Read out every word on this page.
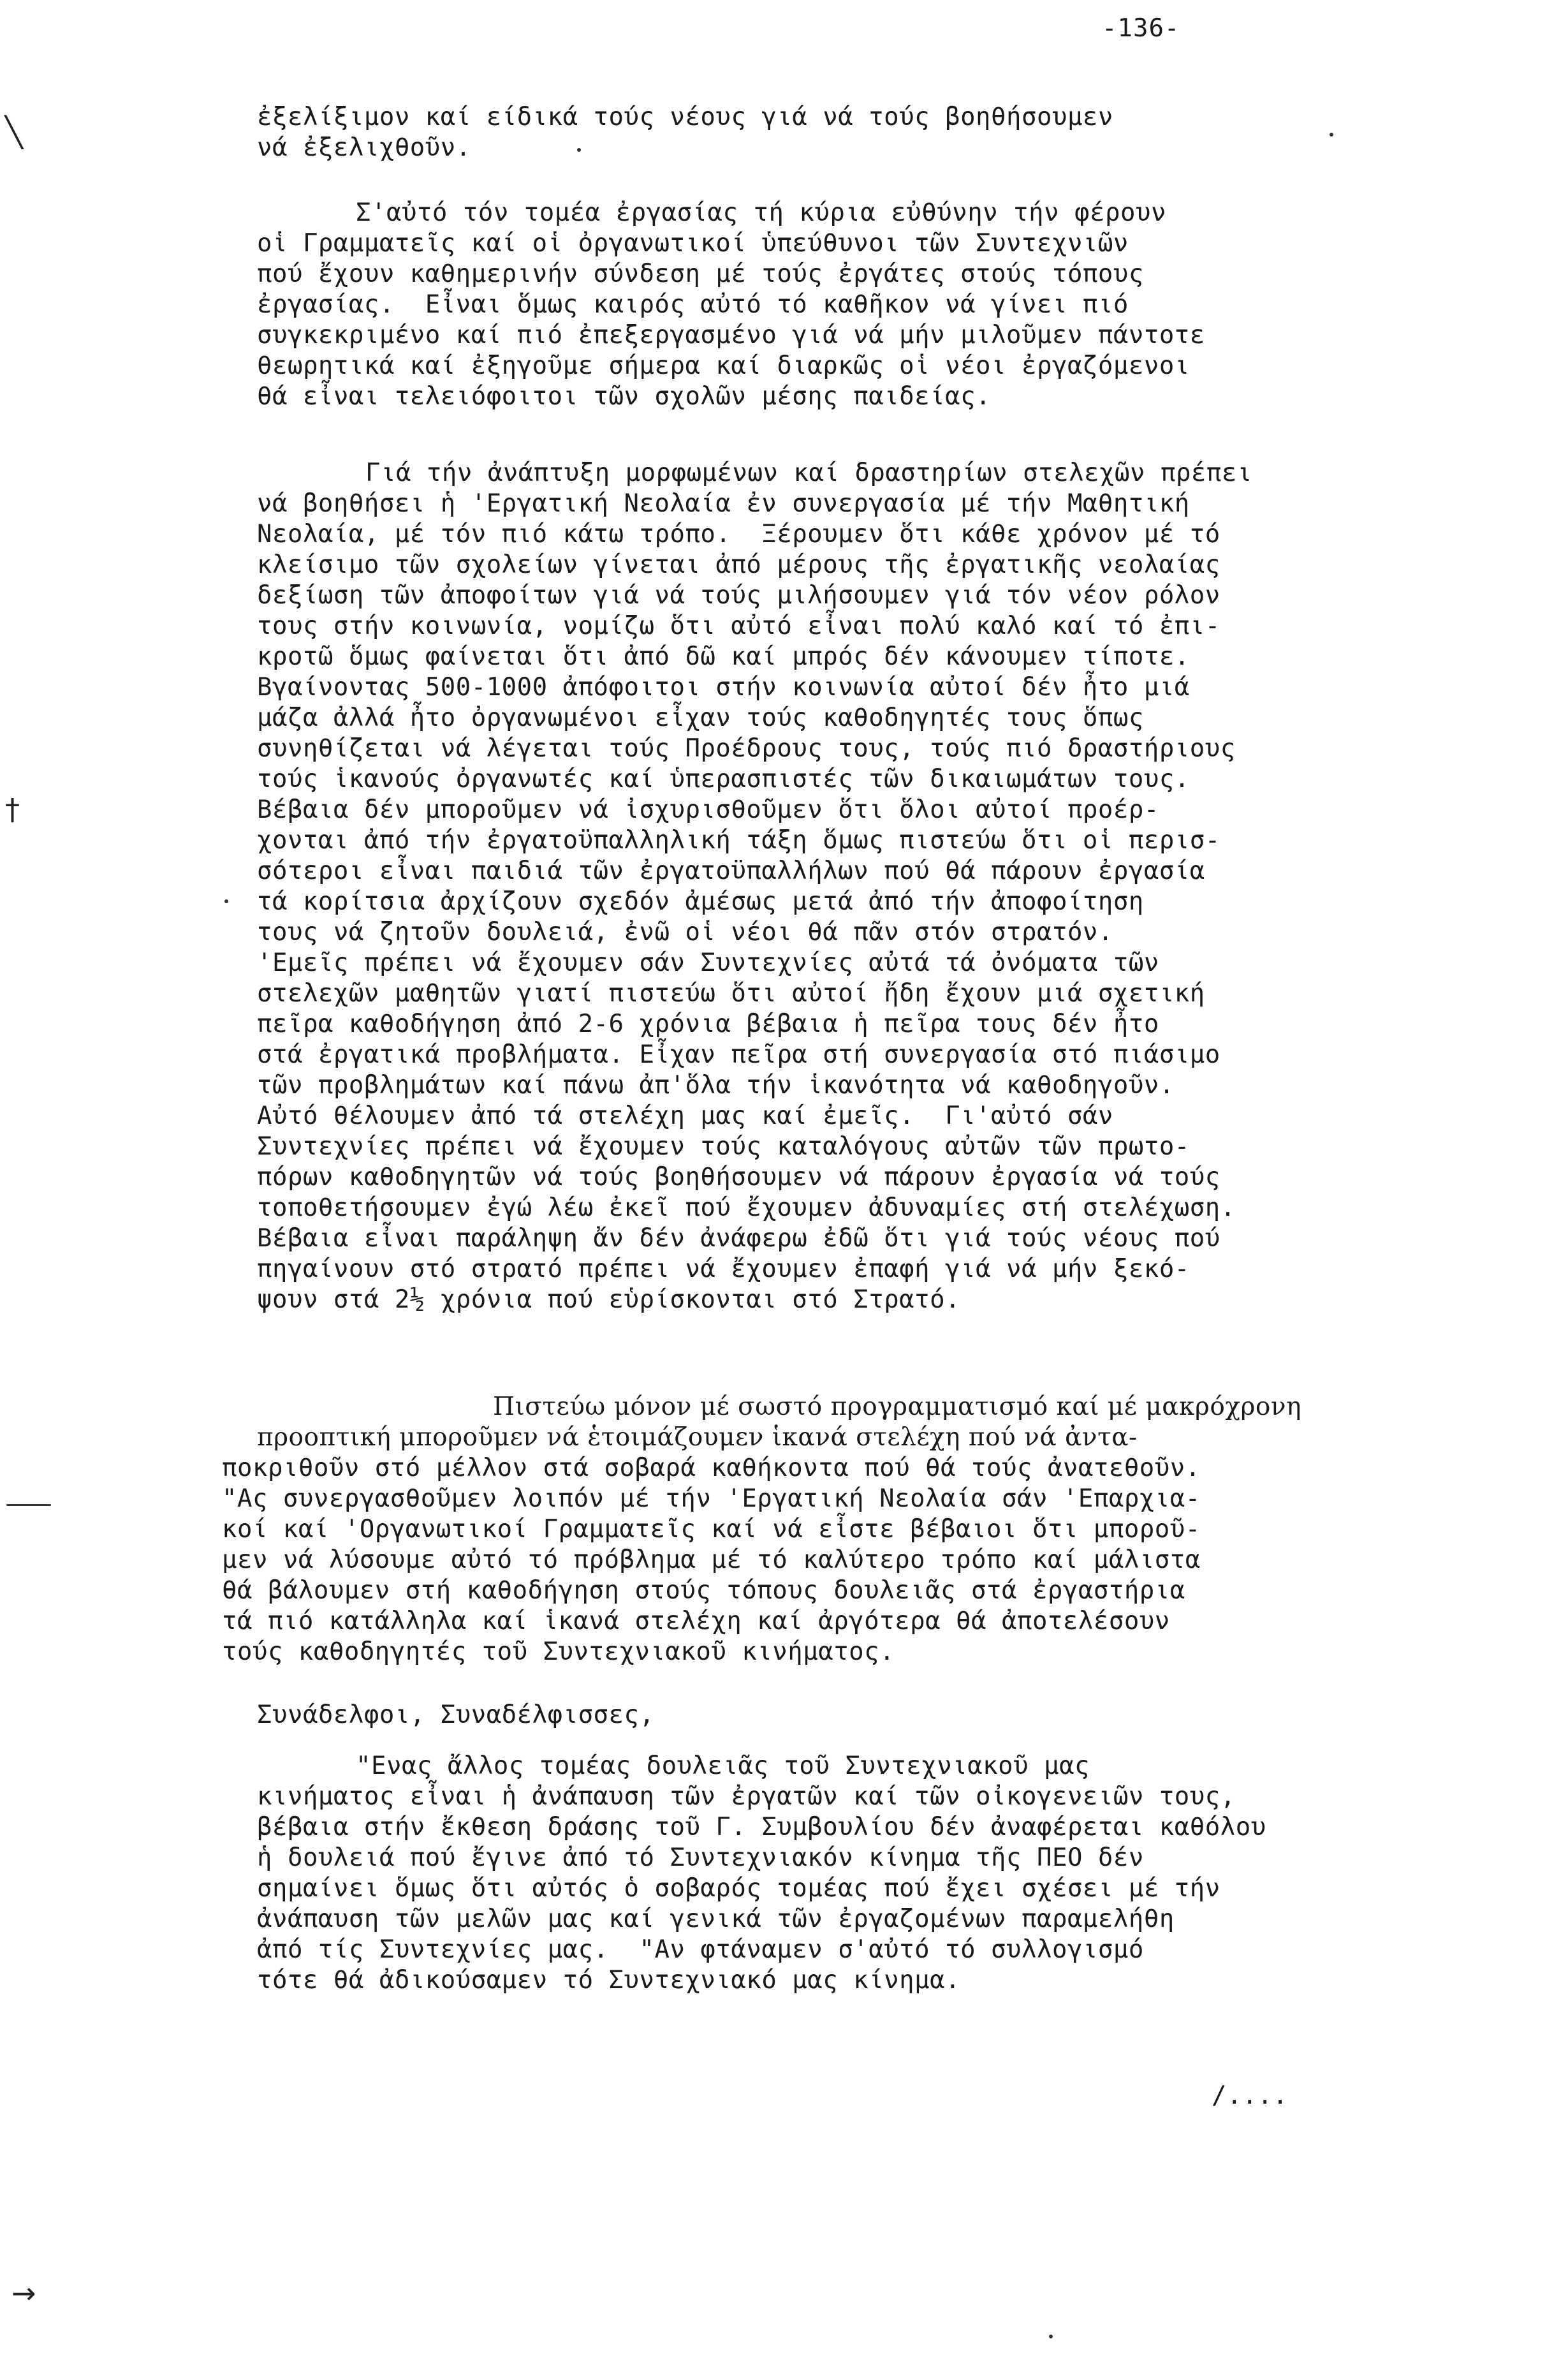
-136-
ἐξελίξιμον καί είδικά τούς νέους γιά νά τούς βοηθήσουμεν
νά ἐξελιχθοῦν.
Σ'αὐτό τόν τομέα ἐργασίας τή κύρια εὐθύνην τήν φέρουν
οἱ Γραμματεῖς καί οἱ ὀργανωτικοί ὑπεύθυνοι τῶν Συντεχνιῶν
πού ἔχουν καθημερινήν σύνδεση μέ τούς ἐργάτες στούς τόπους
ἐργασίας.  Εἶναι ὅμως καιρός αὐτό τό καθῆκον νά γίνει πιό
συγκεκριμένο καί πιό ἐπεξεργασμένο γιά νά μήν μιλοῦμεν πάντοτε
θεωρητικά καί ἐξηγοῦμε σήμερα καί διαρκῶς οἱ νέοι ἐργαζόμενοι
θά εἶναι τελειόφοιτοι τῶν σχολῶν μέσης παιδείας.
Γιά τήν ἀνάπτυξη μορφωμένων καί δραστηρίων στελεχῶν πρέπει
νά βοηθήσει ἡ 'Εργατική Νεολαία ἐν συνεργασία μέ τήν Μαθητική
Νεολαία, μέ τόν πιό κάτω τρόπο.  Ξέρουμεν ὅτι κάθε χρόνον μέ τό
κλείσιμο τῶν σχολείων γίνεται ἀπό μέρους τῆς ἐργατικῆς νεολαίας
δεξίωση τῶν ἀποφοίτων γιά νά τούς μιλήσουμεν γιά τόν νέον ρόλον
τους στήν κοινωνία, νομίζω ὅτι αὐτό εἶναι πολύ καλό καί τό ἐπι-
κροτῶ ὅμως φαίνεται ὅτι ἀπό δῶ καί μπρός δέν κάνουμεν τίποτε.
Βγαίνοντας 500-1000 ἀπόφοιτοι στήν κοινωνία αὐτοί δέν ἦτο μιά
μάζα ἀλλά ἦτο ὀργανωμένοι εἶχαν τούς καθοδηγητές τους ὅπως
συνηθίζεται νά λέγεται τούς Προέδρους τους, τούς πιό δραστήριους
τούς ἱκανούς ὀργανωτές καί ὑπερασπιστές τῶν δικαιωμάτων τους.
Βέβαια δέν μποροῦμεν νά ἰσχυρισθοῦμεν ὅτι ὅλοι αὐτοί προέρ-
χονται ἀπό τήν ἐργατοϋπαλληλική τάξη ὅμως πιστεύω ὅτι οἱ περισ-
σότεροι εἶναι παιδιά τῶν ἐργατοϋπαλλήλων πού θά πάρουν ἐργασία
τά κορίτσια ἀρχίζουν σχεδόν ἀμέσως μετά ἀπό τήν ἀποφοίτηση
τους νά ζητοῦν δουλειά, ἐνῶ οἱ νέοι θά πᾶν στόν στρατόν.
'Εμεῖς πρέπει νά ἔχουμεν σάν Συντεχνίες αὐτά τά ὀνόματα τῶν
στελεχῶν μαθητῶν γιατί πιστεύω ὅτι αὐτοί ἤδη ἔχουν μιά σχετική
πεῖρα καθοδήγηση ἀπό 2-6 χρόνια βέβαια ἡ πεῖρα τους δέν ἦτο
στά ἐργατικά προβλήματα. Εἶχαν πεῖρα στή συνεργασία στό πιάσιμο
τῶν προβλημάτων καί πάνω ἀπ'ὅλα τήν ἱκανότητα νά καθοδηγοῦν.
Αὐτό θέλουμεν ἀπό τά στελέχη μας καί ἐμεῖς.  Γι'αὐτό σάν
Συντεχνίες πρέπει νά ἔχουμεν τούς καταλόγους αὐτῶν τῶν πρωτο-
πόρων καθοδηγητῶν νά τούς βοηθήσουμεν νά πάρουν ἐργασία νά τούς
τοποθετήσουμεν ἐγώ λέω ἐκεῖ πού ἔχουμεν ἀδυναμίες στή στελέχωση.
Βέβαια εἶναι παράληψη ἄν δέν ἀνάφερω ἐδῶ ὅτι γιά τούς νέους πού
πηγαίνουν στό στρατό πρέπει νά ἔχουμεν ἐπαφή γιά νά μήν ξεκό-
ψουν στά 2½ χρόνια πού εὑρίσκονται στό Στρατό.
Πιστεύω μόνον μέ σωστό προγραμματισμό καί μέ μακρόχρονη
προοπτική μποροῦμεν νά ἑτοιμάζουμεν ἱκανά στελέχη πού νά ἀντα-
ποκριθοῦν στό μέλλον στά σοβαρά καθήκοντα πού θά τούς ἀνατεθοῦν.
"Ας συνεργασθοῦμεν λοιπόν μέ τήν 'Εργατική Νεολαία σάν 'Επαρχια-
κοί καί 'Οργανωτικοί Γραμματεῖς καί νά εἶστε βέβαιοι ὅτι μποροῦ-
μεν νά λύσουμε αὐτό τό πρόβλημα μέ τό καλύτερο τρόπο καί μάλιστα
θά βάλουμεν στή καθοδήγηση στούς τόπους δουλειᾶς στά ἐργαστήρια
τά πιό κατάλληλα καί ἱκανά στελέχη καί ἀργότερα θά ἀποτελέσουν
τούς καθοδηγητές τοῦ Συντεχνιακοῦ κινήματος.
Συνάδελφοι, Συναδέλφισσες,
"Ενας ἄλλος τομέας δουλειᾶς τοῦ Συντεχνιακοῦ μας
κινήματος εἶναι ἡ ἀνάπαυση τῶν ἐργατῶν καί τῶν οἰκογενειῶν τους,
βέβαια στήν ἔκθεση δράσης τοῦ Γ. Συμβουλίου δέν ἀναφέρεται καθόλου
ἡ δουλειά πού ἔγινε ἀπό τό Συντεχνιακόν κίνημα τῆς ΠΕΟ δέν
σημαίνει ὅμως ὅτι αὐτός ὁ σοβαρός τομέας πού ἔχει σχέσει μέ τήν
ἀνάπαυση τῶν μελῶν μας καί γενικά τῶν ἐργαζομένων παραμελήθη
ἀπό τίς Συντεχνίες μας.  "Αν φτάναμεν σ'αὐτό τό συλλογισμό
τότε θά ἀδικούσαμεν τό Συντεχνιακό μας κίνημα.
/....
╲
†
→
